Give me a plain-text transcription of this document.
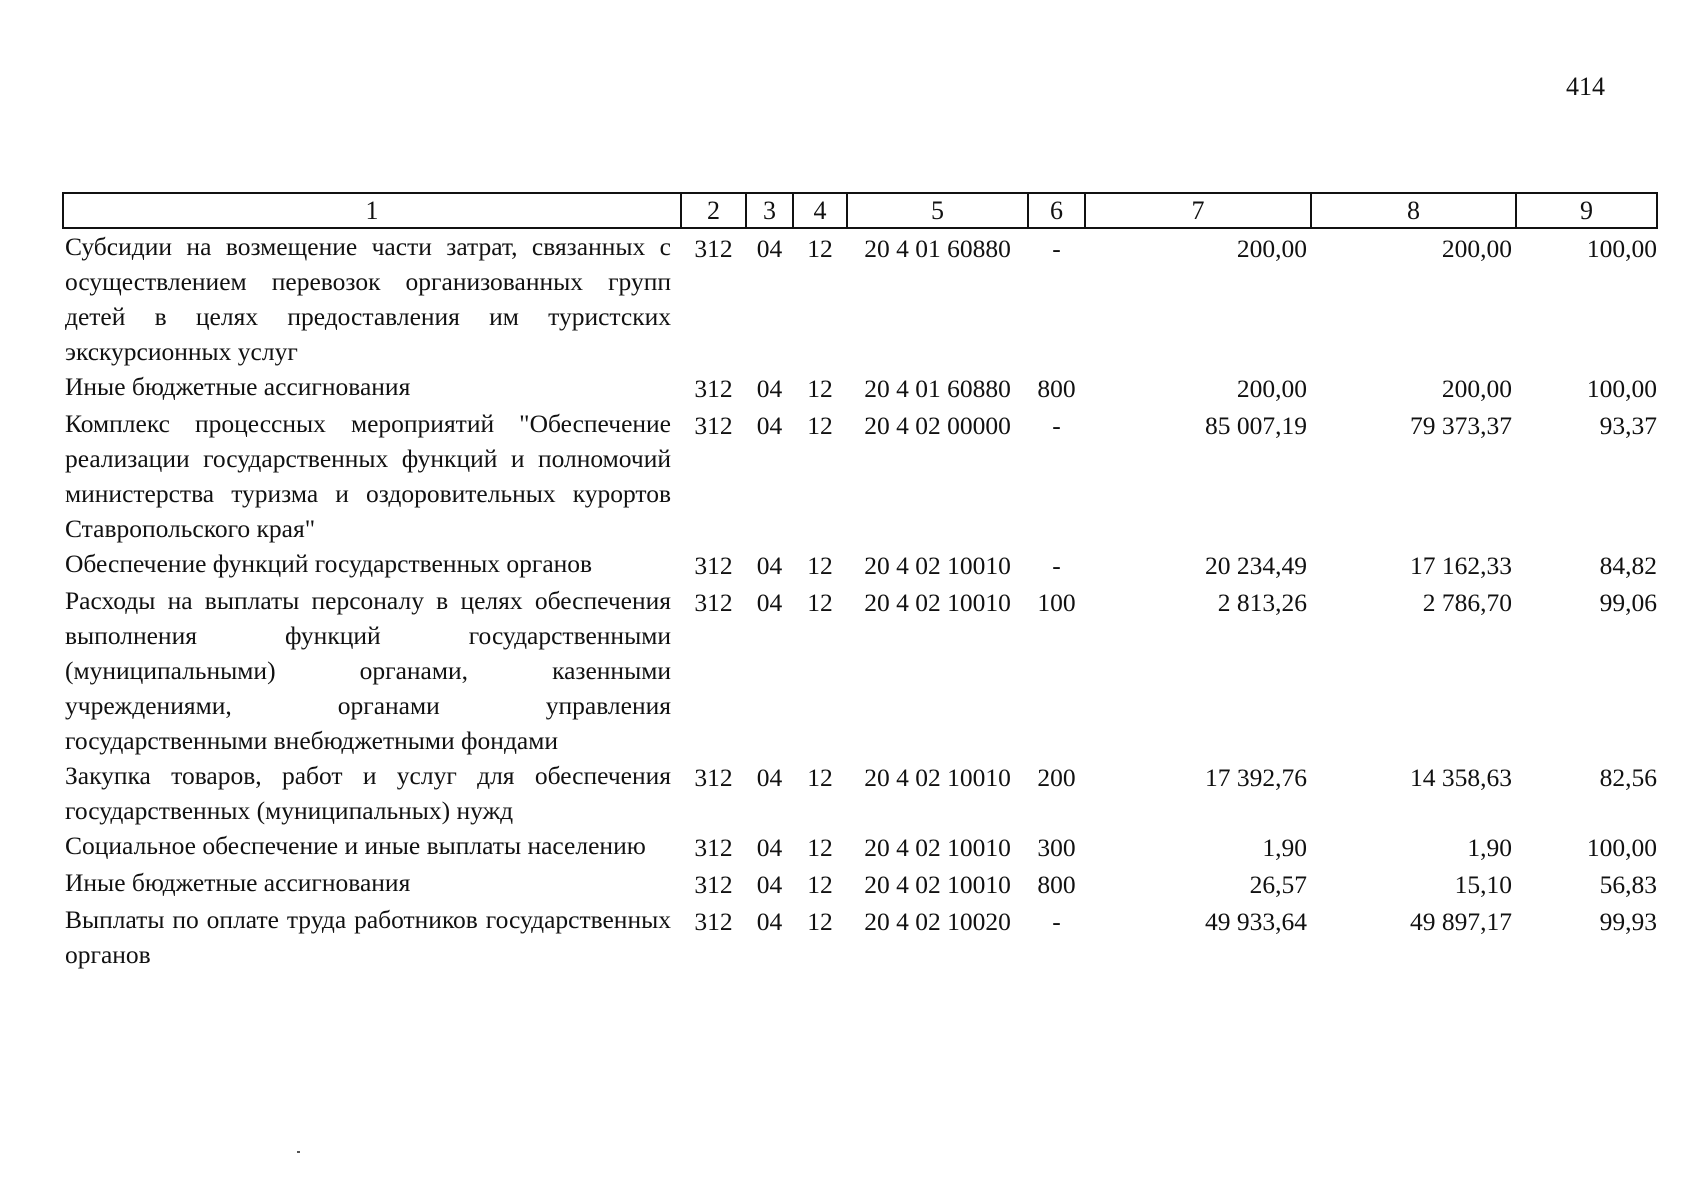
414
1	2	3	4	5	6	7	8	9
Субсидии на возмещение части затрат, связанных с осуществлением перевозок организованных групп детей в целях предоставления им туристских экскурсионных услуг	312	04	12	20 4 01 60880	-	200,00	200,00	100,00
Иные бюджетные ассигнования	312	04	12	20 4 01 60880	800	200,00	200,00	100,00
Комплекс процессных мероприятий "Обеспечение реализации государственных функций и полномочий министерства туризма и оздоровительных курортов Ставропольского края"	312	04	12	20 4 02 00000	-	85 007,19	79 373,37	93,37
Обеспечение функций государственных органов	312	04	12	20 4 02 10010	-	20 234,49	17 162,33	84,82
Расходы на выплаты персоналу в целях обеспечения выполнения функций государственными (муниципальными) органами, казенными учреждениями, органами управления государственными внебюджетными фондами	312	04	12	20 4 02 10010	100	2 813,26	2 786,70	99,06
Закупка товаров, работ и услуг для обеспечения государственных (муниципальных) нужд	312	04	12	20 4 02 10010	200	17 392,76	14 358,63	82,56
Социальное обеспечение и иные выплаты населению	312	04	12	20 4 02 10010	300	1,90	1,90	100,00
Иные бюджетные ассигнования	312	04	12	20 4 02 10010	800	26,57	15,10	56,83
Выплаты по оплате труда работников государственных органов	312	04	12	20 4 02 10020	-	49 933,64	49 897,17	99,93
